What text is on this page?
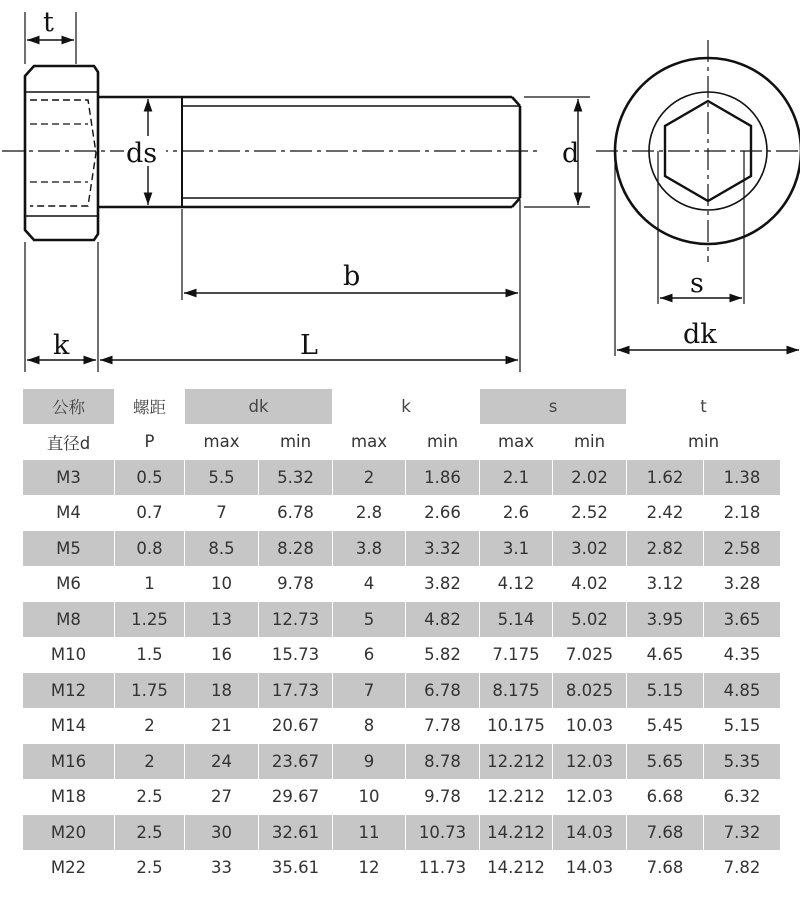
t
ds	d
b
k	L
s
dk
公称	螺距	dk		k		s		t	
直径d	P	max	min	max	min	max	min	min	
M3	0.5	5.5	5.32	2	1.86	2.1	2.02	1.62	1.38
M4	0.7	7	6.78	2.8	2.66	2.6	2.52	2.42	2.18
M5	0.8	8.5	8.28	3.8	3.32	3.1	3.02	2.82	2.58
M6	1	10	9.78	4	3.82	4.12	4.02	3.12	3.28
M8	1.25	13	12.73	5	4.82	5.14	5.02	3.95	3.65
M10	1.5	16	15.73	6	5.82	7.175	7.025	4.65	4.35
M12	1.75	18	17.73	7	6.78	8.175	8.025	5.15	4.85
M14	2	21	20.67	8	7.78	10.175	10.03	5.45	5.15
M16	2	24	23.67	9	8.78	12.212	12.03	5.65	5.35
M18	2.5	27	29.67	10	9.78	12.212	12.03	6.68	6.32
M20	2.5	30	32.61	11	10.73	14.212	14.03	7.68	7.32
M22	2.5	33	35.61	12	11.73	14.212	14.03	7.68	7.82
